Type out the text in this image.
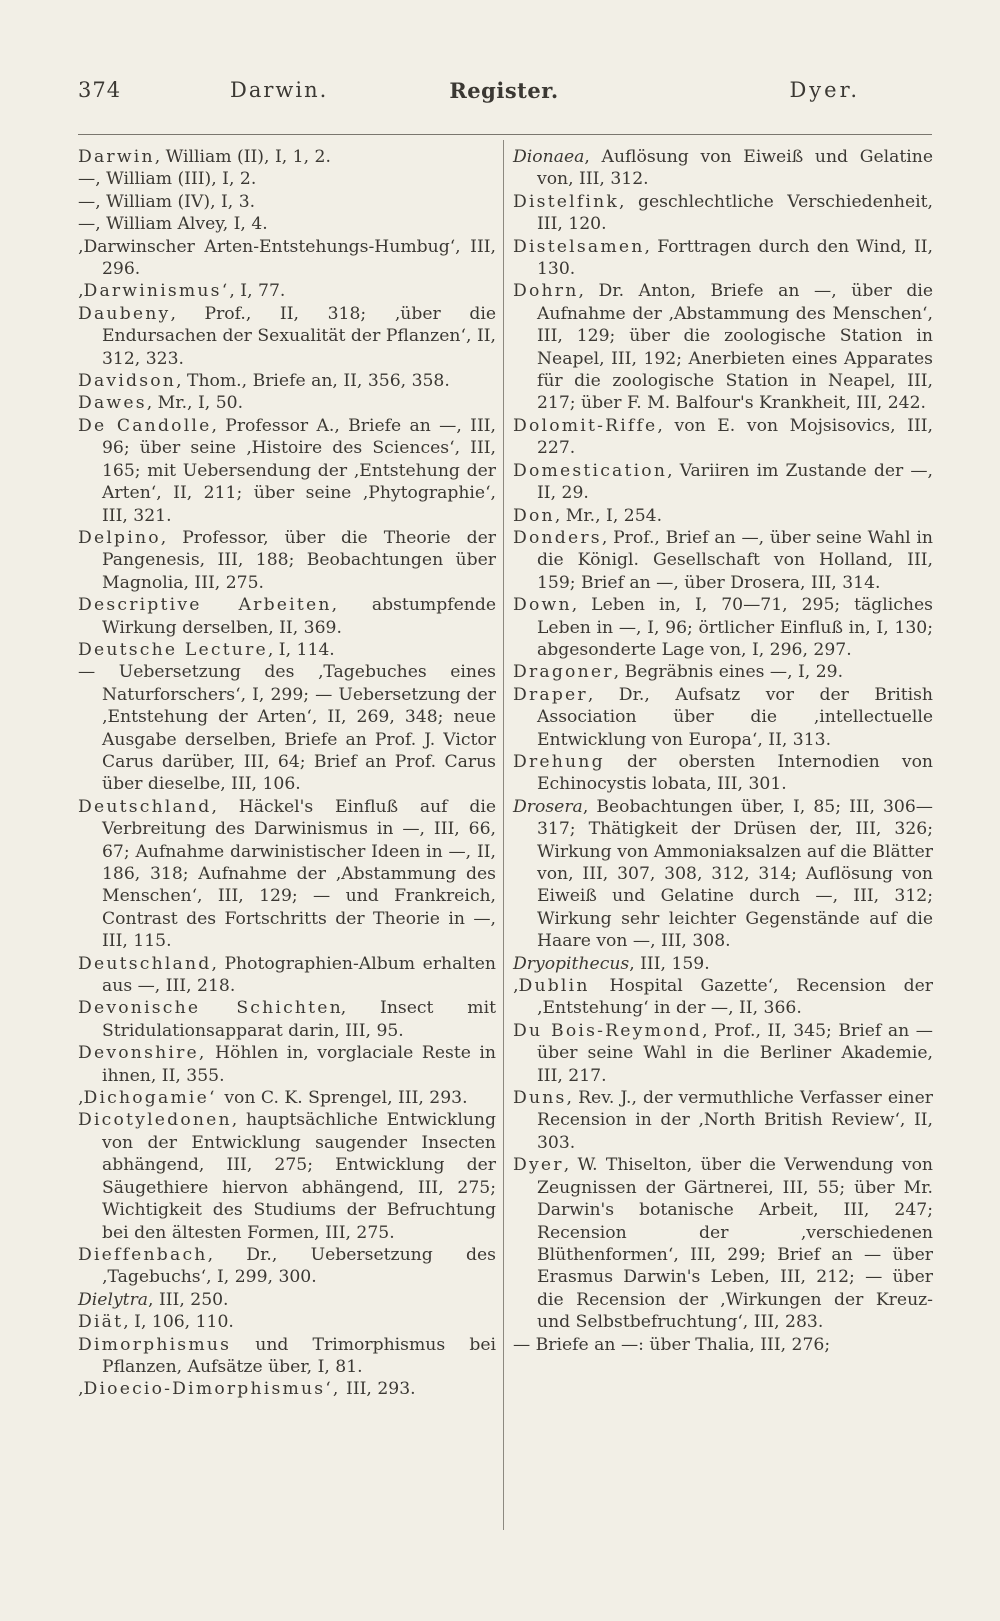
374	Darwin.	Register.	Dyer.

Darwin, William (II), I, 1, 2.

—, William (III), I, 2.

—, William (IV), I, 3.

—, William Alvey, I, 4.

‚Darwinscher Arten-Entstehungs-Humbug‘, III, 296.

‚Darwinismus‘, I, 77.

Daubeny, Prof., II, 318; ‚über die Endursachen der Sexualität der Pflanzen‘, II, 312, 323.

Davidson, Thom., Briefe an, II, 356, 358.

Dawes, Mr., I, 50.

De Candolle, Professor A., Briefe an —, III, 96; über seine ‚Histoire des Sciences‘, III, 165; mit Uebersendung der ‚Entstehung der Arten‘, II, 211; über seine ‚Phytographie‘, III, 321.

Delpino, Professor, über die Theorie der Pangenesis, III, 188; Beobachtungen über Magnolia, III, 275.

Descriptive Arbeiten, abstumpfende Wirkung derselben, II, 369.

Deutsche Lecture, I, 114.

— Uebersetzung des ‚Tagebuches eines Naturforschers‘, I, 299; — Uebersetzung der ‚Entstehung der Arten‘, II, 269, 348; neue Ausgabe derselben, Briefe an Prof. J. Victor Carus darüber, III, 64; Brief an Prof. Carus über dieselbe, III, 106.

Deutschland, Häckel's Einfluß auf die Verbreitung des Darwinismus in —, III, 66, 67; Aufnahme darwinistischer Ideen in —, II, 186, 318; Aufnahme der ‚Abstammung des Menschen‘, III, 129; — und Frankreich, Contrast des Fortschritts der Theorie in —, III, 115.

Deutschland, Photographien-Album erhalten aus —, III, 218.

Devonische Schichten, Insect mit Stridulationsapparat darin, III, 95.

Devonshire, Höhlen in, vorglaciale Reste in ihnen, II, 355.

‚Dichogamie‘ von C. K. Sprengel, III, 293.

Dicotyledonen, hauptsächliche Entwicklung von der Entwicklung saugender Insecten abhängend, III, 275; Entwicklung der Säugethiere hiervon abhängend, III, 275; Wichtigkeit des Studiums der Befruchtung bei den ältesten Formen, III, 275.

Dieffenbach, Dr., Uebersetzung des ‚Tagebuchs‘, I, 299, 300.

Dielytra, III, 250.

Diät, I, 106, 110.

Dimorphismus und Trimorphismus bei Pflanzen, Aufsätze über, I, 81.

‚Dioecio-Dimorphismus‘, III, 293.

Dionaea, Auflösung von Eiweiß und Gelatine von, III, 312.

Distelfink, geschlechtliche Verschiedenheit, III, 120.

Distelsamen, Forttragen durch den Wind, II, 130.

Dohrn, Dr. Anton, Briefe an —, über die Aufnahme der ‚Abstammung des Menschen‘, III, 129; über die zoologische Station in Neapel, III, 192; Anerbieten eines Apparates für die zoologische Station in Neapel, III, 217; über F. M. Balfour's Krankheit, III, 242.

Dolomit-Riffe, von E. von Mojsisovics, III, 227.

Domestication, Variiren im Zustande der —, II, 29.

Don, Mr., I, 254.

Donders, Prof., Brief an —, über seine Wahl in die Königl. Gesellschaft von Holland, III, 159; Brief an —, über Drosera, III, 314.

Down, Leben in, I, 70—71, 295; tägliches Leben in —, I, 96; örtlicher Einfluß in, I, 130; abgesonderte Lage von, I, 296, 297.

Dragoner, Begräbnis eines —, I, 29.

Draper, Dr., Aufsatz vor der British Association über die ‚intellectuelle Entwicklung von Europa‘, II, 313.

Drehung der obersten Internodien von Echinocystis lobata, III, 301.

Drosera, Beobachtungen über, I, 85; III, 306—317; Thätigkeit der Drüsen der, III, 326; Wirkung von Ammoniaksalzen auf die Blätter von, III, 307, 308, 312, 314; Auflösung von Eiweiß und Gelatine durch —, III, 312; Wirkung sehr leichter Gegenstände auf die Haare von —, III, 308.

Dryopithecus, III, 159.

‚Dublin Hospital Gazette‘, Recension der ‚Entstehung‘ in der —, II, 366.

Du Bois-Reymond, Prof., II, 345; Brief an — über seine Wahl in die Berliner Akademie, III, 217.

Duns, Rev. J., der vermuthliche Verfasser einer Recension in der ‚North British Review‘, II, 303.

Dyer, W. Thiselton, über die Verwendung von Zeugnissen der Gärtnerei, III, 55; über Mr. Darwin's botanische Arbeit, III, 247; Recension der ‚verschiedenen Blüthenformen‘, III, 299; Brief an — über Erasmus Darwin's Leben, III, 212; — über die Recension der ‚Wirkungen der Kreuz- und Selbstbefruchtung‘, III, 283.

— Briefe an —: über Thalia, III, 276;
